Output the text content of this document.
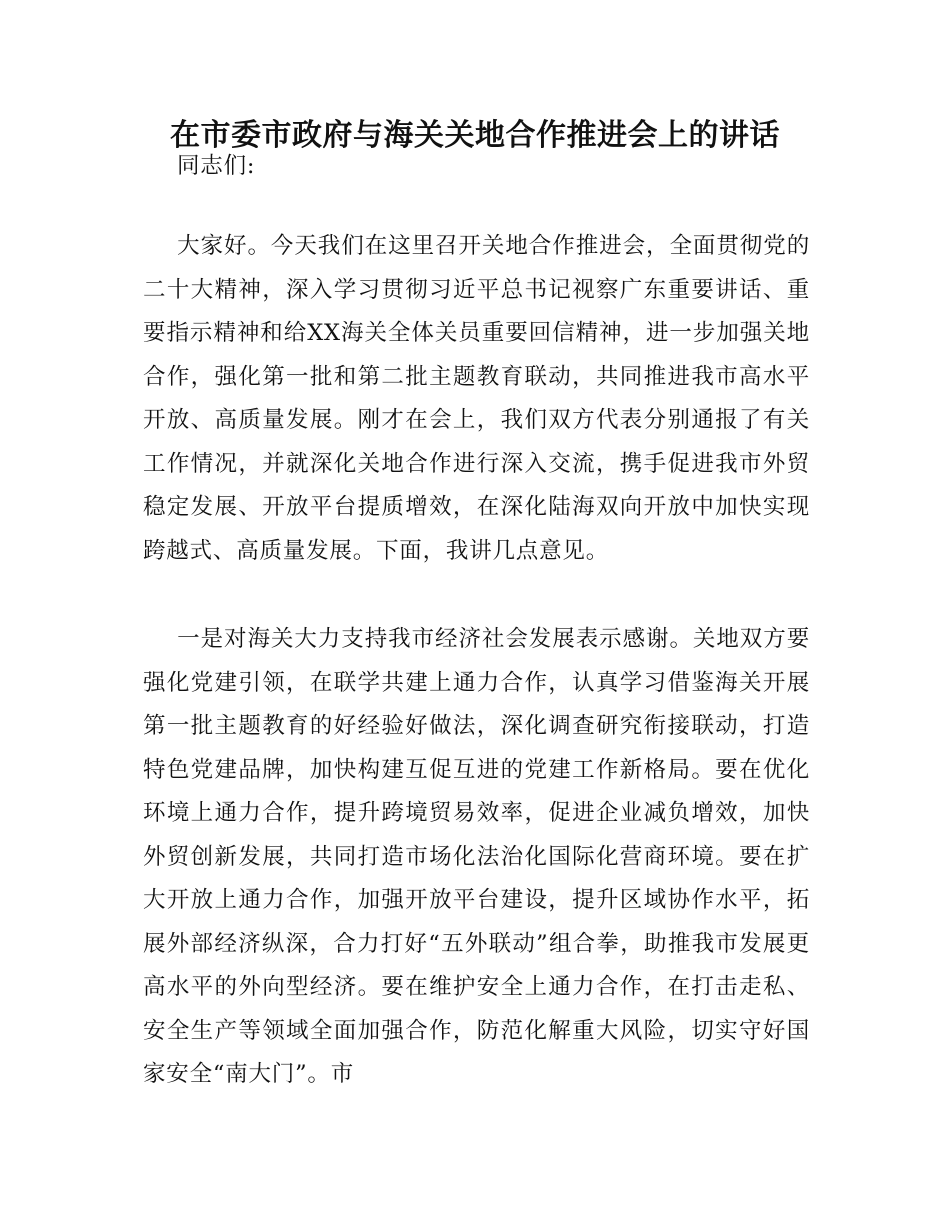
在市委市政府与海关关地合作推进会上的讲话

同志们:

大家好。今天我们在这里召开关地合作推进会，全面贯彻党的二十大精神，深入学习贯彻习近平总书记视察广东重要讲话、重要指示精神和给XX海关全体关员重要回信精神，进一步加强关地合作，强化第一批和第二批主题教育联动，共同推进我市高水平开放、高质量发展。刚才在会上，我们双方代表分别通报了有关工作情况，并就深化关地合作进行深入交流，携手促进我市外贸稳定发展、开放平台提质增效，在深化陆海双向开放中加快实现跨越式、高质量发展。下面，我讲几点意见。

一是对海关大力支持我市经济社会发展表示感谢。关地双方要强化党建引领，在联学共建上通力合作，认真学习借鉴海关开展第一批主题教育的好经验好做法，深化调查研究衔接联动，打造特色党建品牌，加快构建互促互进的党建工作新格局。要在优化环境上通力合作，提升跨境贸易效率，促进企业减负增效，加快外贸创新发展，共同打造市场化法治化国际化营商环境。要在扩大开放上通力合作，加强开放平台建设，提升区域协作水平，拓展外部经济纵深，合力打好“五外联动”组合拳，助推我市发展更高水平的外向型经济。要在维护安全上通力合作，在打击走私、安全生产等领域全面加强合作，防范化解重大风险，切实守好国家安全“南大门”。市
